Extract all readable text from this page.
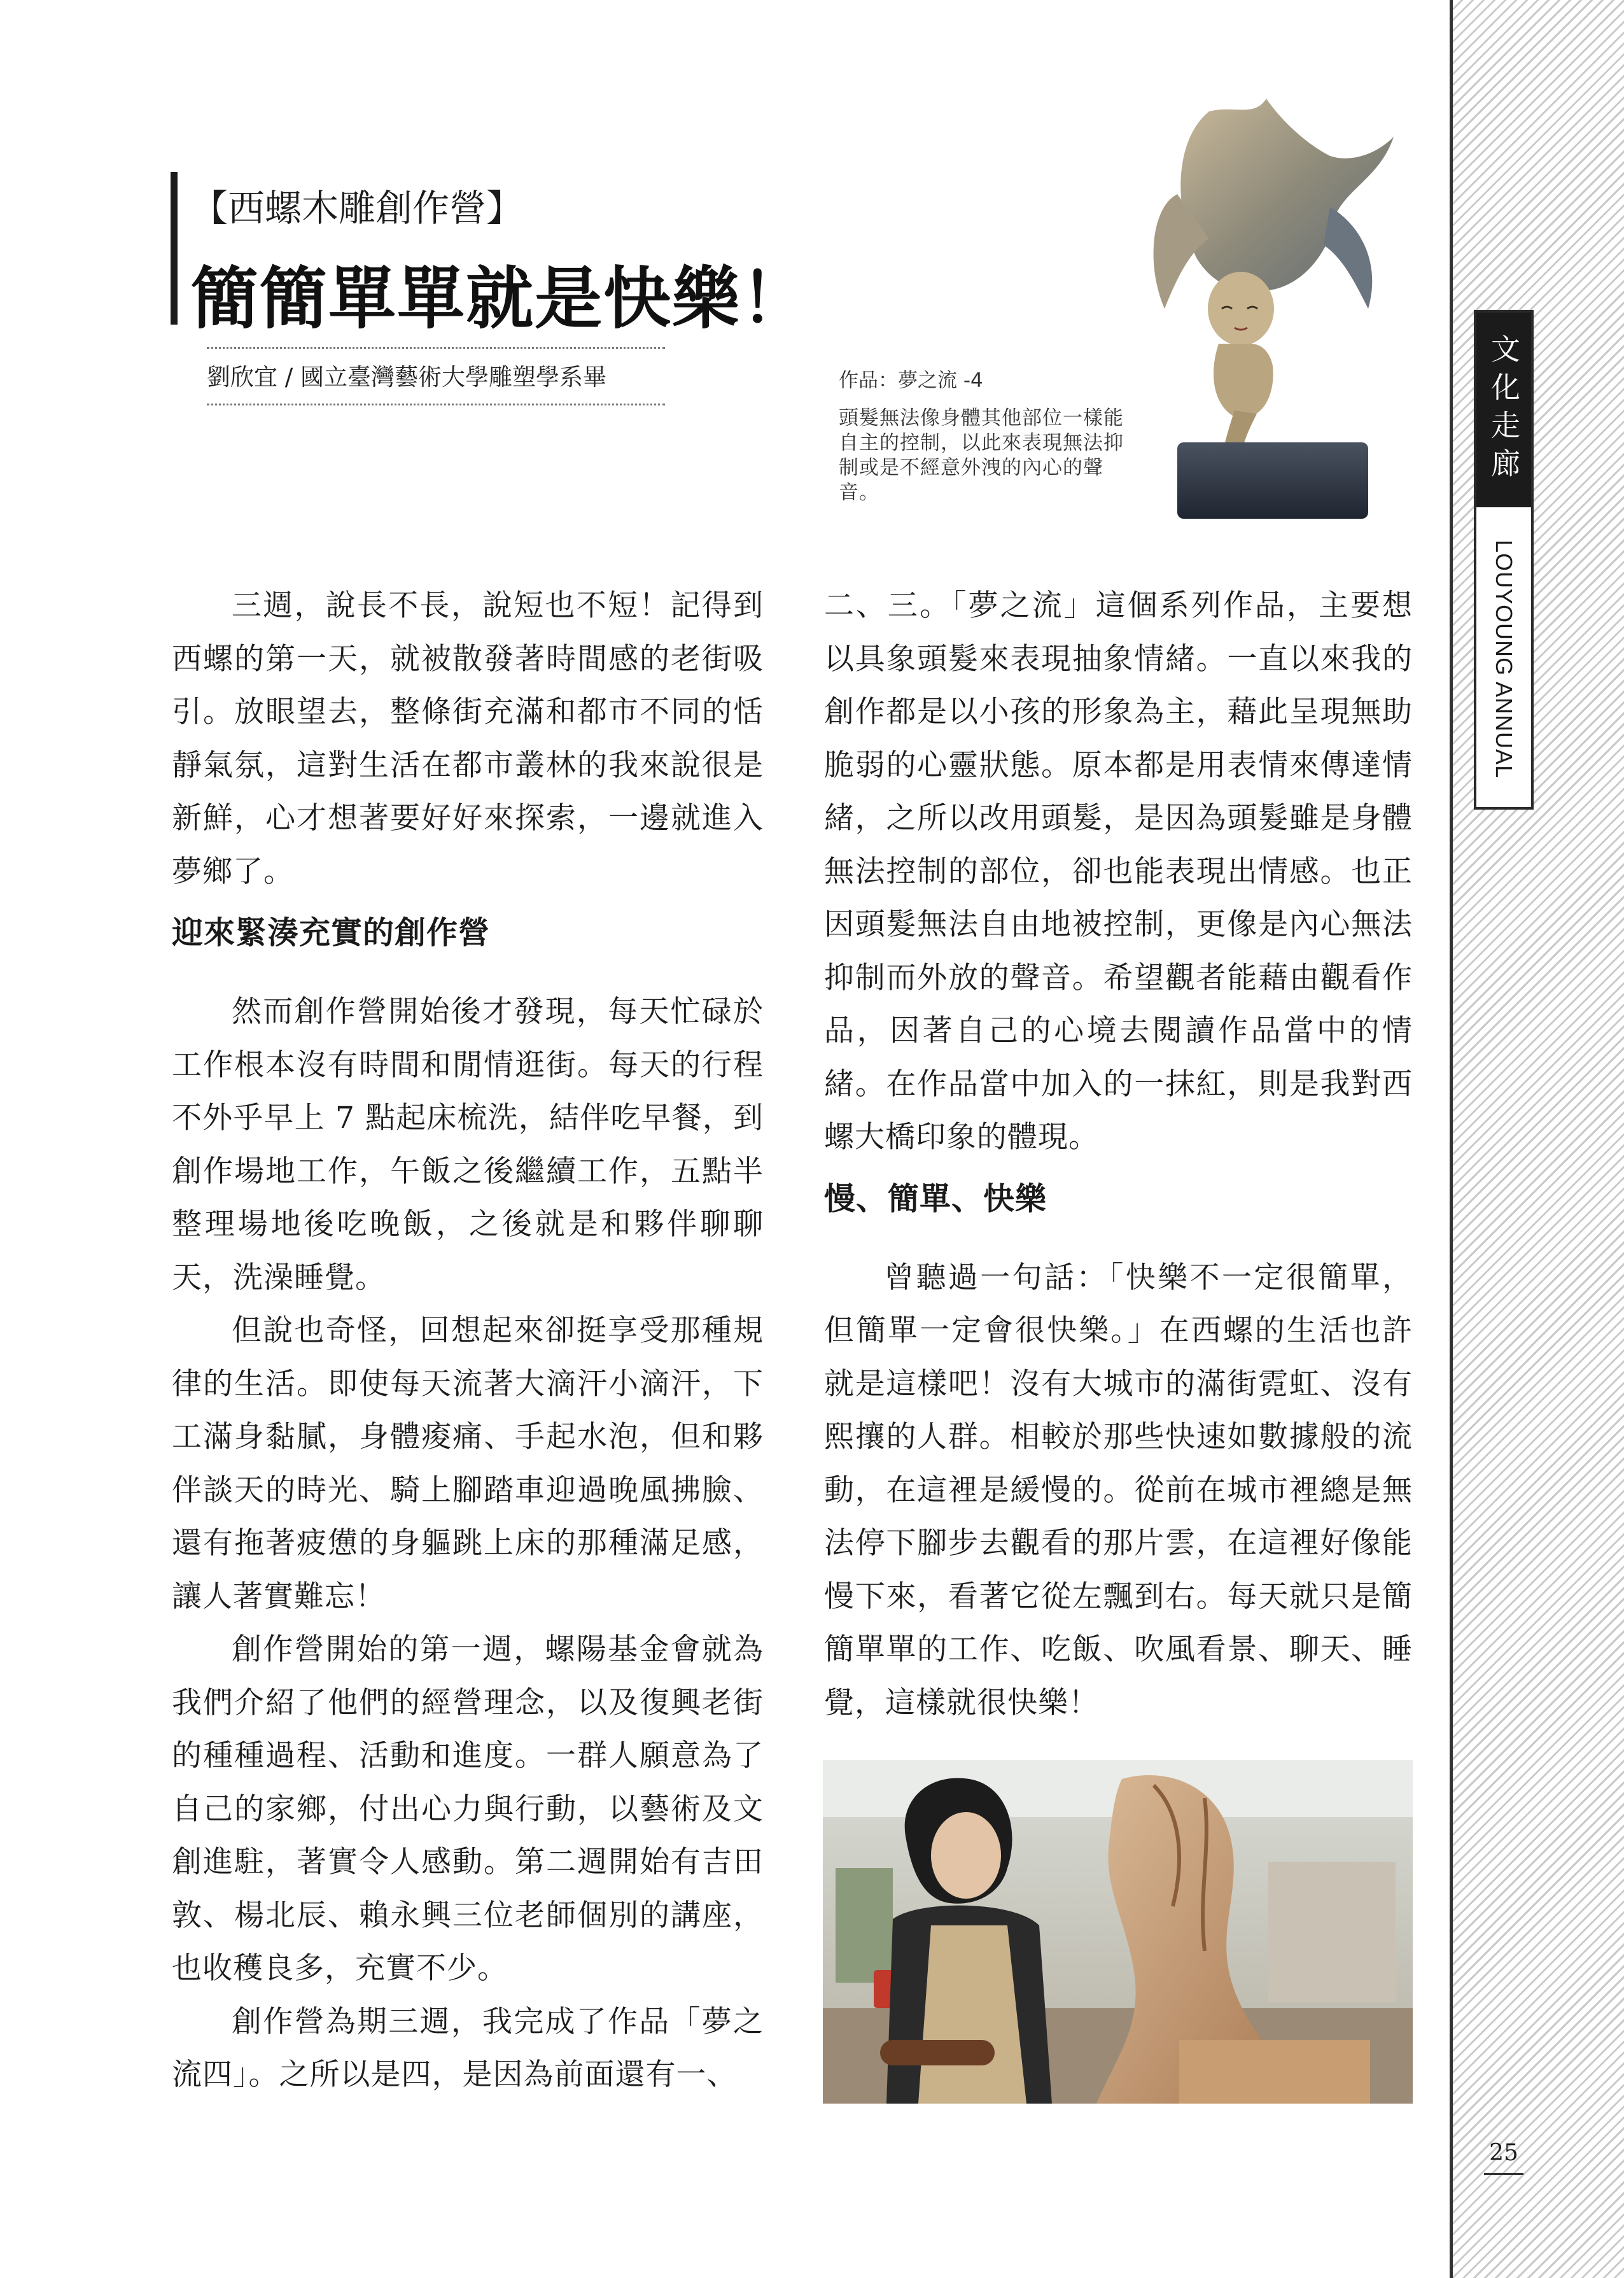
文化走廊
LOUYOUNG ANNUAL
25
【西螺木雕創作營】
簡簡單單就是快樂！
劉欣宜 / 國立臺灣藝術大學雕塑學系畢	作品：夢之流 -4
頭髮無法像身體其他部位一樣能自主的控制，以此來表現無法抑制或是不經意外洩的內心的聲音。

三週，說長不長，說短也不短！記得到西螺的第一天，就被散發著時間感的老街吸引。放眼望去，整條街充滿和都市不同的恬靜氣氛，這對生活在都市叢林的我來說很是新鮮，心才想著要好好來探索，一邊就進入夢鄉了。

迎來緊湊充實的創作營

然而創作營開始後才發現，每天忙碌於工作根本沒有時間和閒情逛街。每天的行程不外乎早上 7 點起床梳洗，結伴吃早餐，到創作場地工作，午飯之後繼續工作，五點半整理場地後吃晚飯，之後就是和夥伴聊聊天，洗澡睡覺。

但說也奇怪，回想起來卻挺享受那種規律的生活。即使每天流著大滴汗小滴汗，下工滿身黏膩，身體痠痛、手起水泡，但和夥伴談天的時光、騎上腳踏車迎過晚風拂臉、還有拖著疲憊的身軀跳上床的那種滿足感，讓人著實難忘！

創作營開始的第一週，螺陽基金會就為我們介紹了他們的經營理念，以及復興老街的種種過程、活動和進度。一群人願意為了自己的家鄉，付出心力與行動，以藝術及文創進駐，著實令人感動。第二週開始有吉田敦、楊北辰、賴永興三位老師個別的講座，也收穫良多，充實不少。

創作營為期三週，我完成了作品「夢之流四」。之所以是四，是因為前面還有一、

二、三。「夢之流」這個系列作品，主要想以具象頭髮來表現抽象情緒。一直以來我的創作都是以小孩的形象為主，藉此呈現無助脆弱的心靈狀態。原本都是用表情來傳達情緒，之所以改用頭髮，是因為頭髮雖是身體無法控制的部位，卻也能表現出情感。也正因頭髮無法自由地被控制，更像是內心無法抑制而外放的聲音。希望觀者能藉由觀看作品，因著自己的心境去閱讀作品當中的情緒。在作品當中加入的一抹紅，則是我對西螺大橋印象的體現。

慢、簡單、快樂

曾聽過一句話：「快樂不一定很簡單，但簡單一定會很快樂。」在西螺的生活也許就是這樣吧！沒有大城市的滿街霓虹、沒有熙攘的人群。相較於那些快速如數據般的流動，在這裡是緩慢的。從前在城市裡總是無法停下腳步去觀看的那片雲，在這裡好像能慢下來，看著它從左飄到右。每天就只是簡簡單單的工作、吃飯、吹風看景、聊天、睡覺，這樣就很快樂！
